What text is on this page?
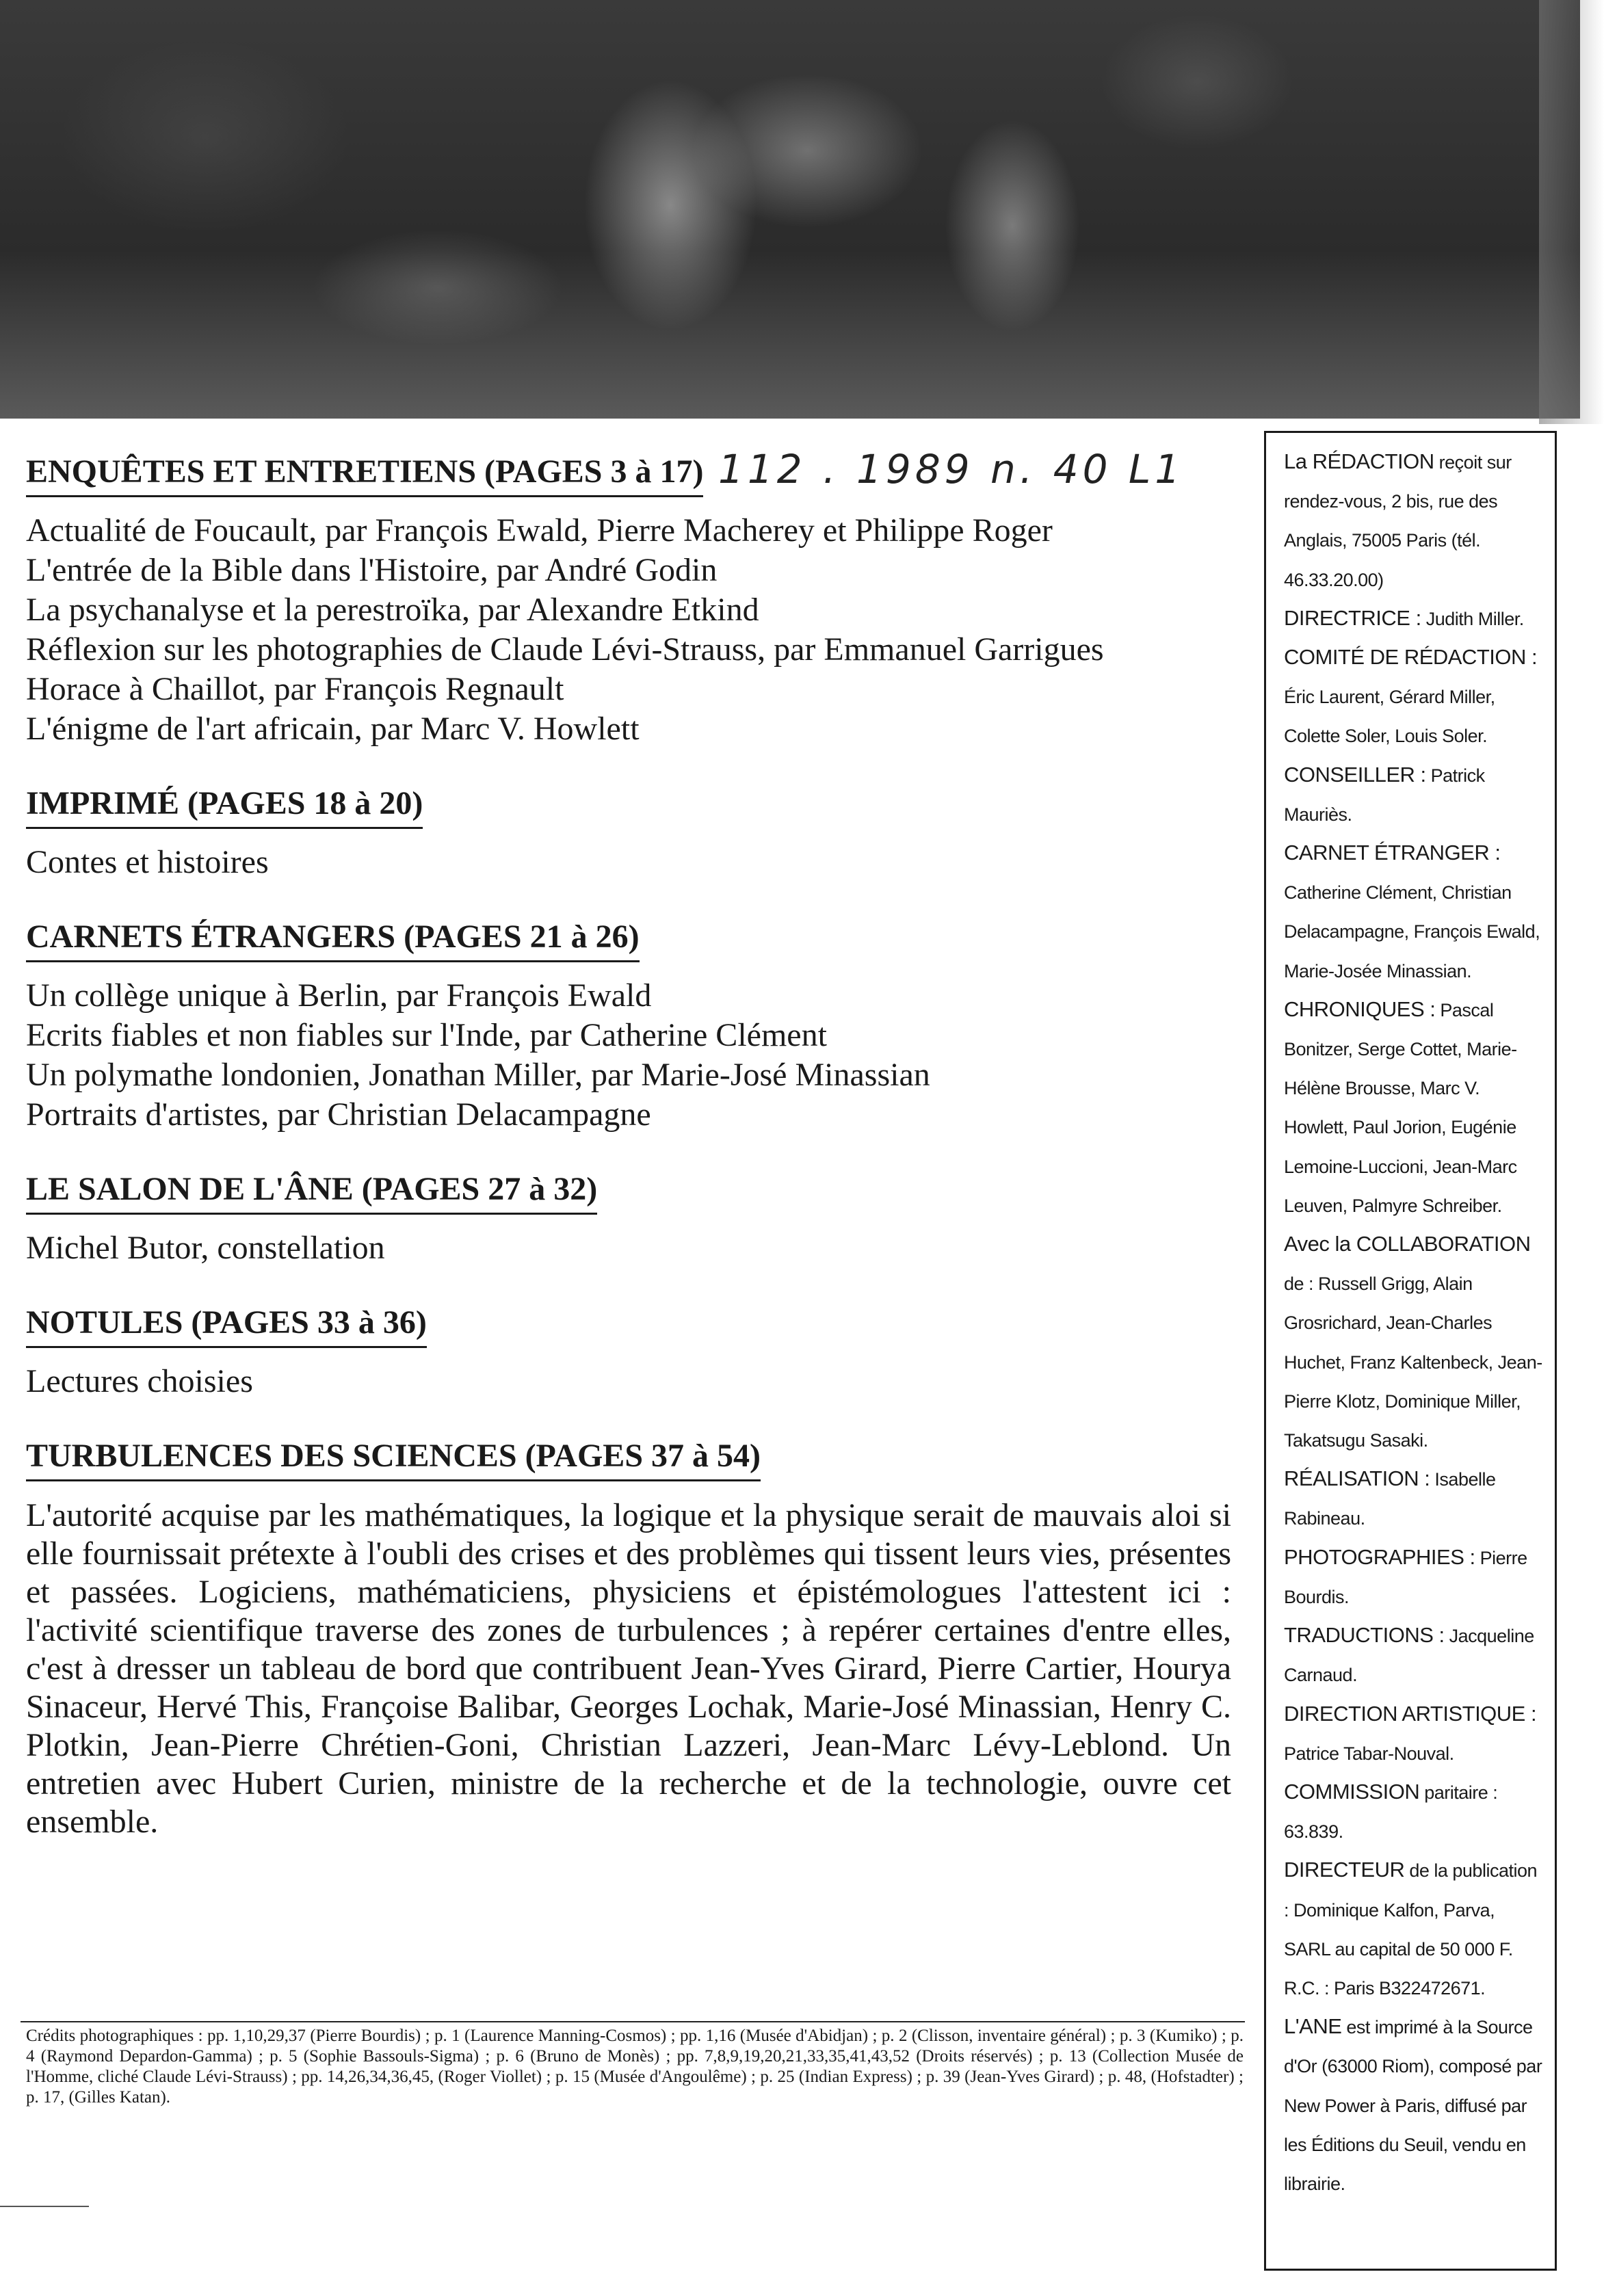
112 . 1989 n. 40 L1
ENQUÊTES ET ENTRETIENS (PAGES 3 à 17)
Actualité de Foucault, par François Ewald, Pierre Macherey et Philippe Roger
L'entrée de la Bible dans l'Histoire, par André Godin
La psychanalyse et la perestroïka, par Alexandre Etkind
Réflexion sur les photographies de Claude Lévi-Strauss, par Emmanuel Garrigues
Horace à Chaillot, par François Regnault
L'énigme de l'art africain, par Marc V. Howlett
IMPRIMÉ (PAGES 18 à 20)
Contes et histoires
CARNETS ÉTRANGERS (PAGES 21 à 26)
Un collège unique à Berlin, par François Ewald
Ecrits fiables et non fiables sur l'Inde, par Catherine Clément
Un polymathe londonien, Jonathan Miller, par Marie-José Minassian
Portraits d'artistes, par Christian Delacampagne
LE SALON DE L'ÂNE (PAGES 27 à 32)
Michel Butor, constellation
NOTULES (PAGES 33 à 36)
Lectures choisies
TURBULENCES DES SCIENCES (PAGES 37 à 54)
L'autorité acquise par les mathématiques, la logique et la physique serait de mauvais aloi si elle fournissait prétexte à l'oubli des crises et des problèmes qui tissent leurs vies, présentes et passées. Logiciens, mathématiciens, physiciens et épistémologues l'attestent ici : l'activité scientifique traverse des zones de turbulences ; à repérer certaines d'entre elles, c'est à dresser un tableau de bord que contribuent Jean-Yves Girard, Pierre Cartier, Hourya Sinaceur, Hervé This, Françoise Balibar, Georges Lochak, Marie-José Minassian, Henry C. Plotkin, Jean-Pierre Chrétien-Goni, Christian Lazzeri, Jean-Marc Lévy-Leblond. Un entretien avec Hubert Curien, ministre de la recherche et de la technologie, ouvre cet ensemble.
Crédits photographiques : pp. 1,10,29,37 (Pierre Bourdis) ; p. 1 (Laurence Manning-Cosmos) ; pp. 1,16 (Musée d'Abidjan) ; p. 2 (Clisson, inventaire général) ; p. 3 (Kumiko) ; p. 4 (Raymond Depardon-Gamma) ; p. 5 (Sophie Bassouls-Sigma) ; p. 6 (Bruno de Monès) ; pp. 7,8,9,19,20,21,33,35,41,43,52 (Droits réservés) ; p. 13 (Collection Musée de l'Homme, cliché Claude Lévi-Strauss) ; pp. 14,26,34,36,45, (Roger Viollet) ; p. 15 (Musée d'Angoulême) ; p. 25 (Indian Express) ; p. 39 (Jean-Yves Girard) ; p. 48, (Hofstadter) ; p. 17, (Gilles Katan).
La RÉDACTION reçoit sur rendez-vous, 2 bis, rue des Anglais, 75005 Paris (tél. 46.33.20.00)
DIRECTRICE : Judith Miller.
COMITÉ DE RÉDACTION : Éric Laurent, Gérard Miller, Colette Soler, Louis Soler.
CONSEILLER : Patrick Mauriès.
CARNET ÉTRANGER : Catherine Clément, Christian Delacampagne, François Ewald, Marie-Josée Minassian.
CHRONIQUES : Pascal Bonitzer, Serge Cottet, Marie-Hélène Brousse, Marc V. Howlett, Paul Jorion, Eugénie Lemoine-Luccioni, Jean-Marc Leuven, Palmyre Schreiber.
Avec la COLLABORATION de : Russell Grigg, Alain Grosrichard, Jean-Charles Huchet, Franz Kaltenbeck, Jean-Pierre Klotz, Dominique Miller, Takatsugu Sasaki.
RÉALISATION : Isabelle Rabineau.
PHOTOGRAPHIES : Pierre Bourdis.
TRADUCTIONS : Jacqueline Carnaud.
DIRECTION ARTISTIQUE : Patrice Tabar-Nouval.
COMMISSION paritaire : 63.839.
DIRECTEUR de la publication : Dominique Kalfon, Parva, SARL au capital de 50 000 F. R.C. : Paris B322472671.
L'ANE est imprimé à la Source d'Or (63000 Riom), composé par New Power à Paris, diffusé par les Éditions du Seuil, vendu en librairie.
